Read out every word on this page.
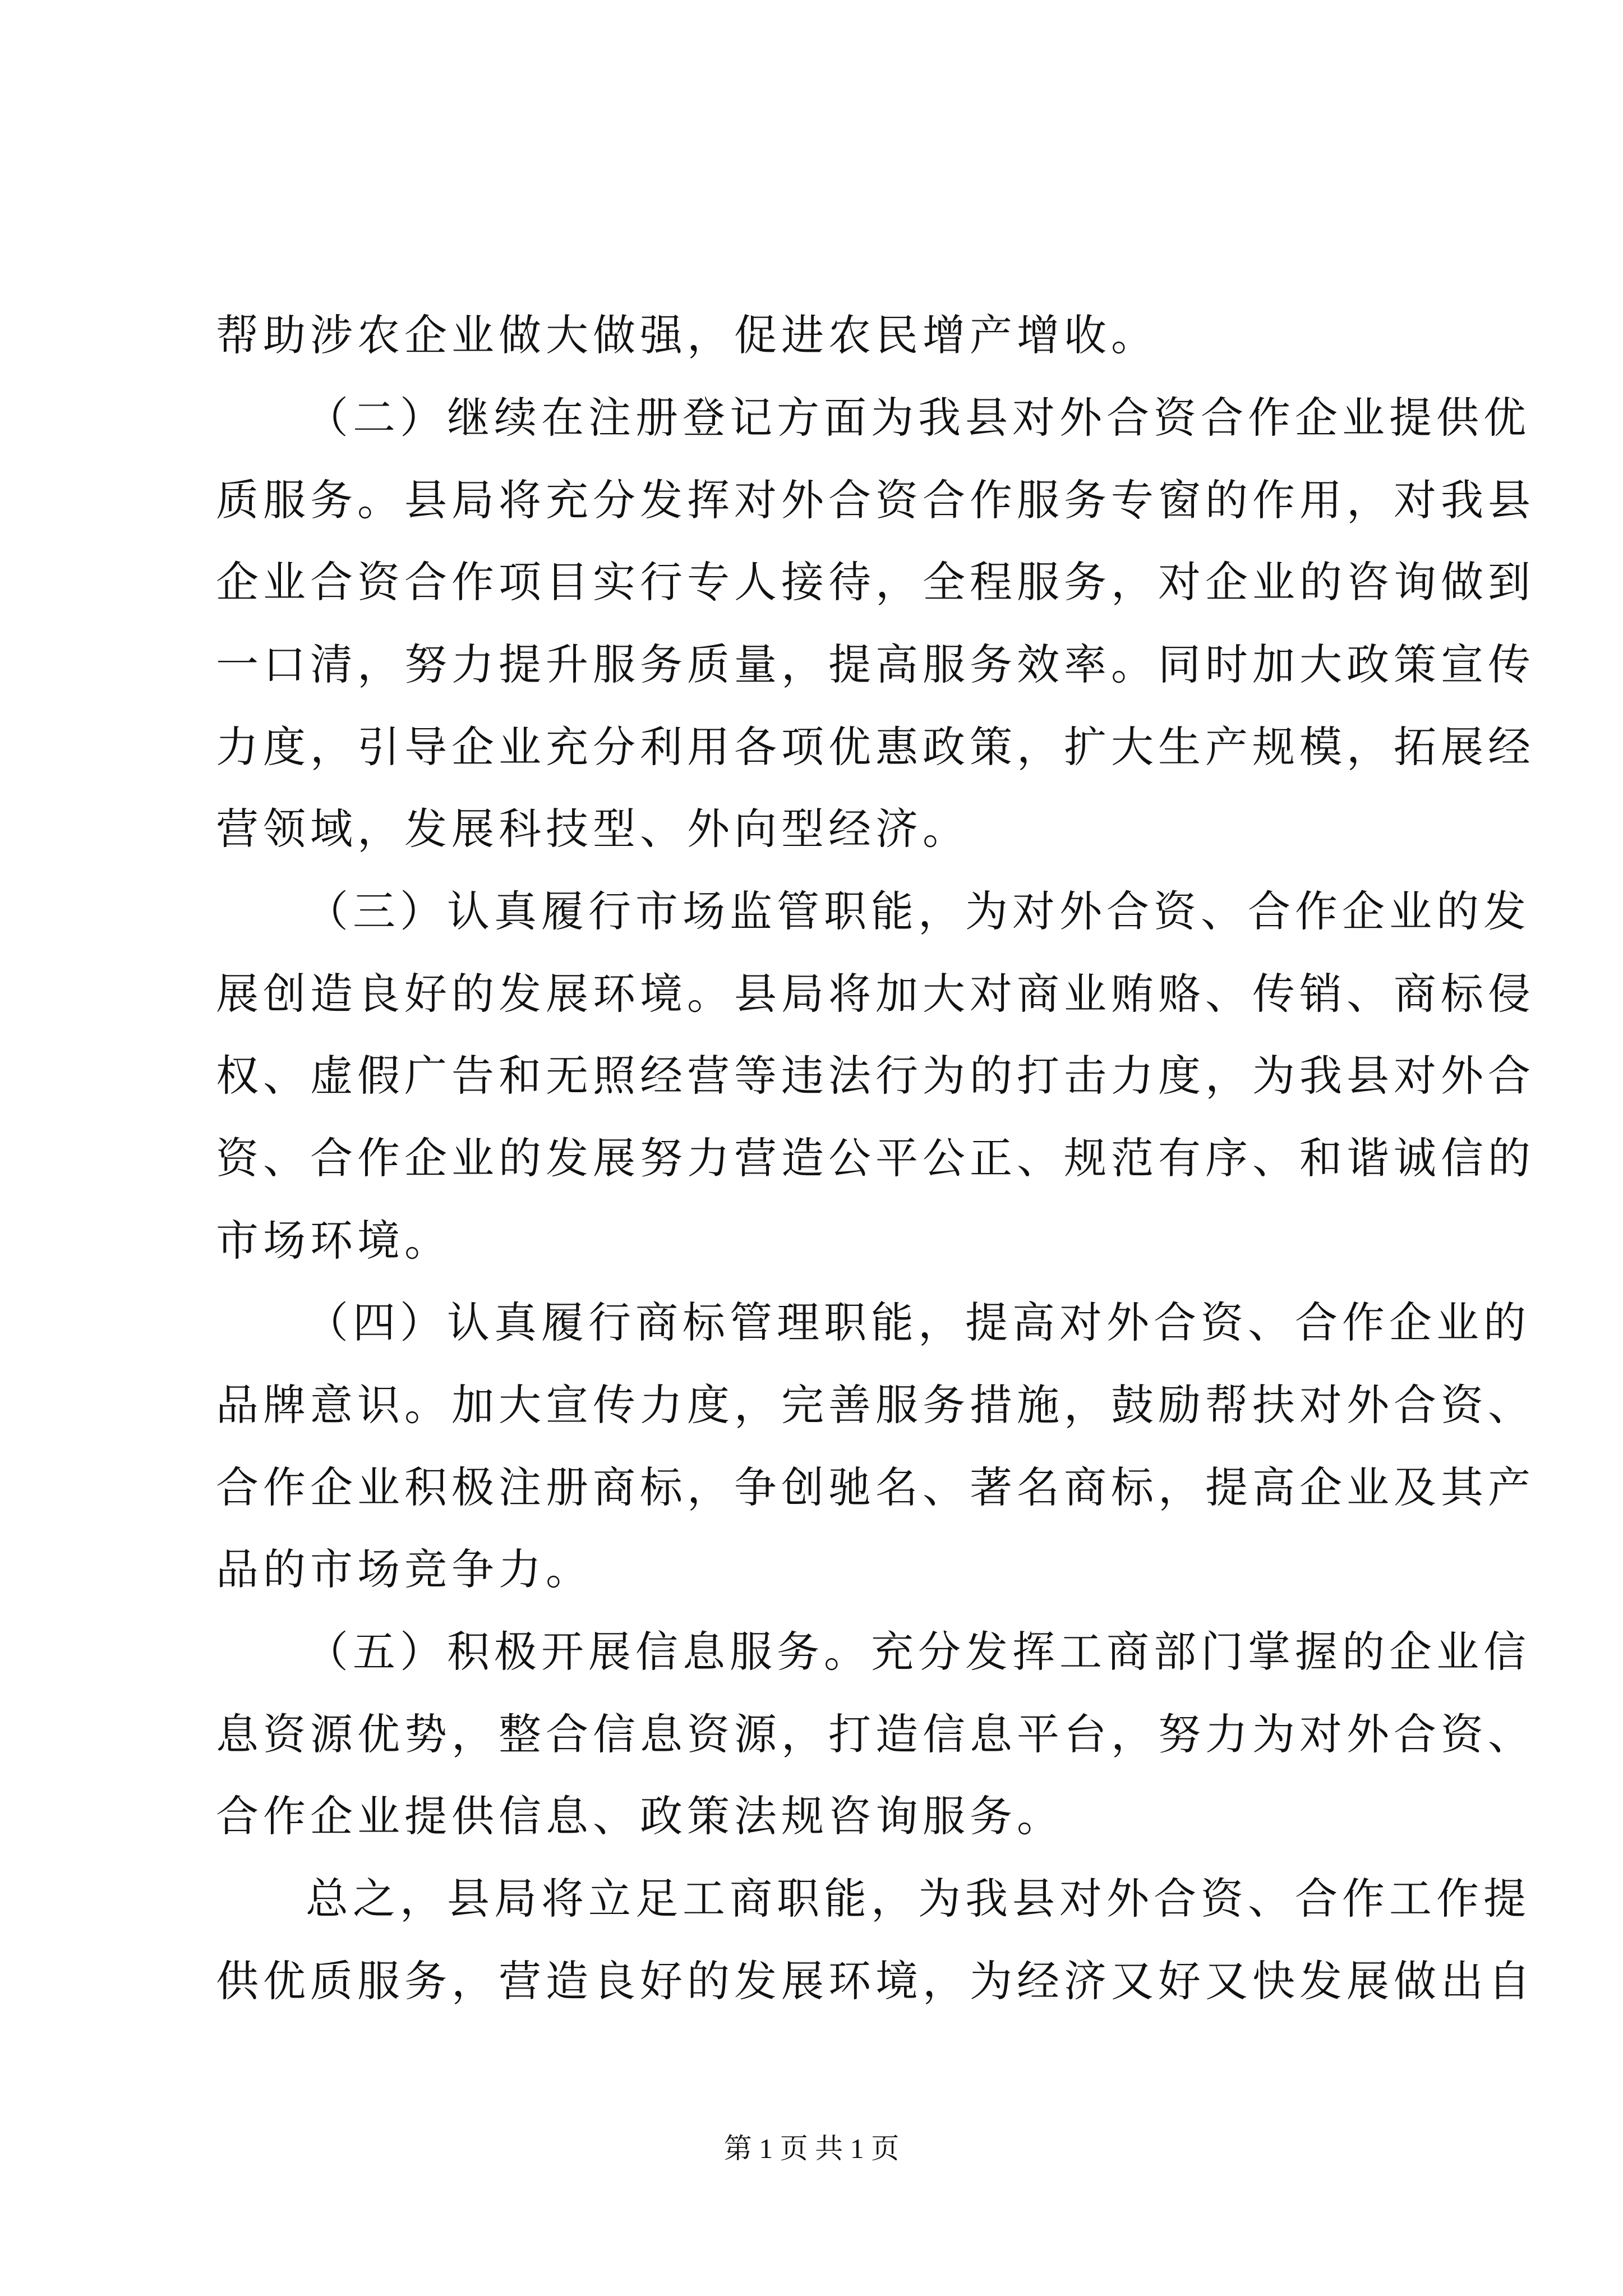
帮助涉农企业做大做强，促进农民增产增收。
（二）继续在注册登记方面为我县对外合资合作企业提供优
质服务。县局将充分发挥对外合资合作服务专窗的作用，对我县
企业合资合作项目实行专人接待，全程服务，对企业的咨询做到
一口清，努力提升服务质量，提高服务效率。同时加大政策宣传
力度，引导企业充分利用各项优惠政策，扩大生产规模，拓展经
营领域，发展科技型、外向型经济。
（三）认真履行市场监管职能，为对外合资、合作企业的发
展创造良好的发展环境。县局将加大对商业贿赂、传销、商标侵
权、虚假广告和无照经营等违法行为的打击力度，为我县对外合
资、合作企业的发展努力营造公平公正、规范有序、和谐诚信的
市场环境。
（四）认真履行商标管理职能，提高对外合资、合作企业的
品牌意识。加大宣传力度，完善服务措施，鼓励帮扶对外合资、
合作企业积极注册商标，争创驰名、著名商标，提高企业及其产
品的市场竞争力。
（五）积极开展信息服务。充分发挥工商部门掌握的企业信
息资源优势，整合信息资源，打造信息平台，努力为对外合资、
合作企业提供信息、政策法规咨询服务。
总之，县局将立足工商职能，为我县对外合资、合作工作提
供优质服务，营造良好的发展环境，为经济又好又快发展做出自
第 1 页 共 1 页
